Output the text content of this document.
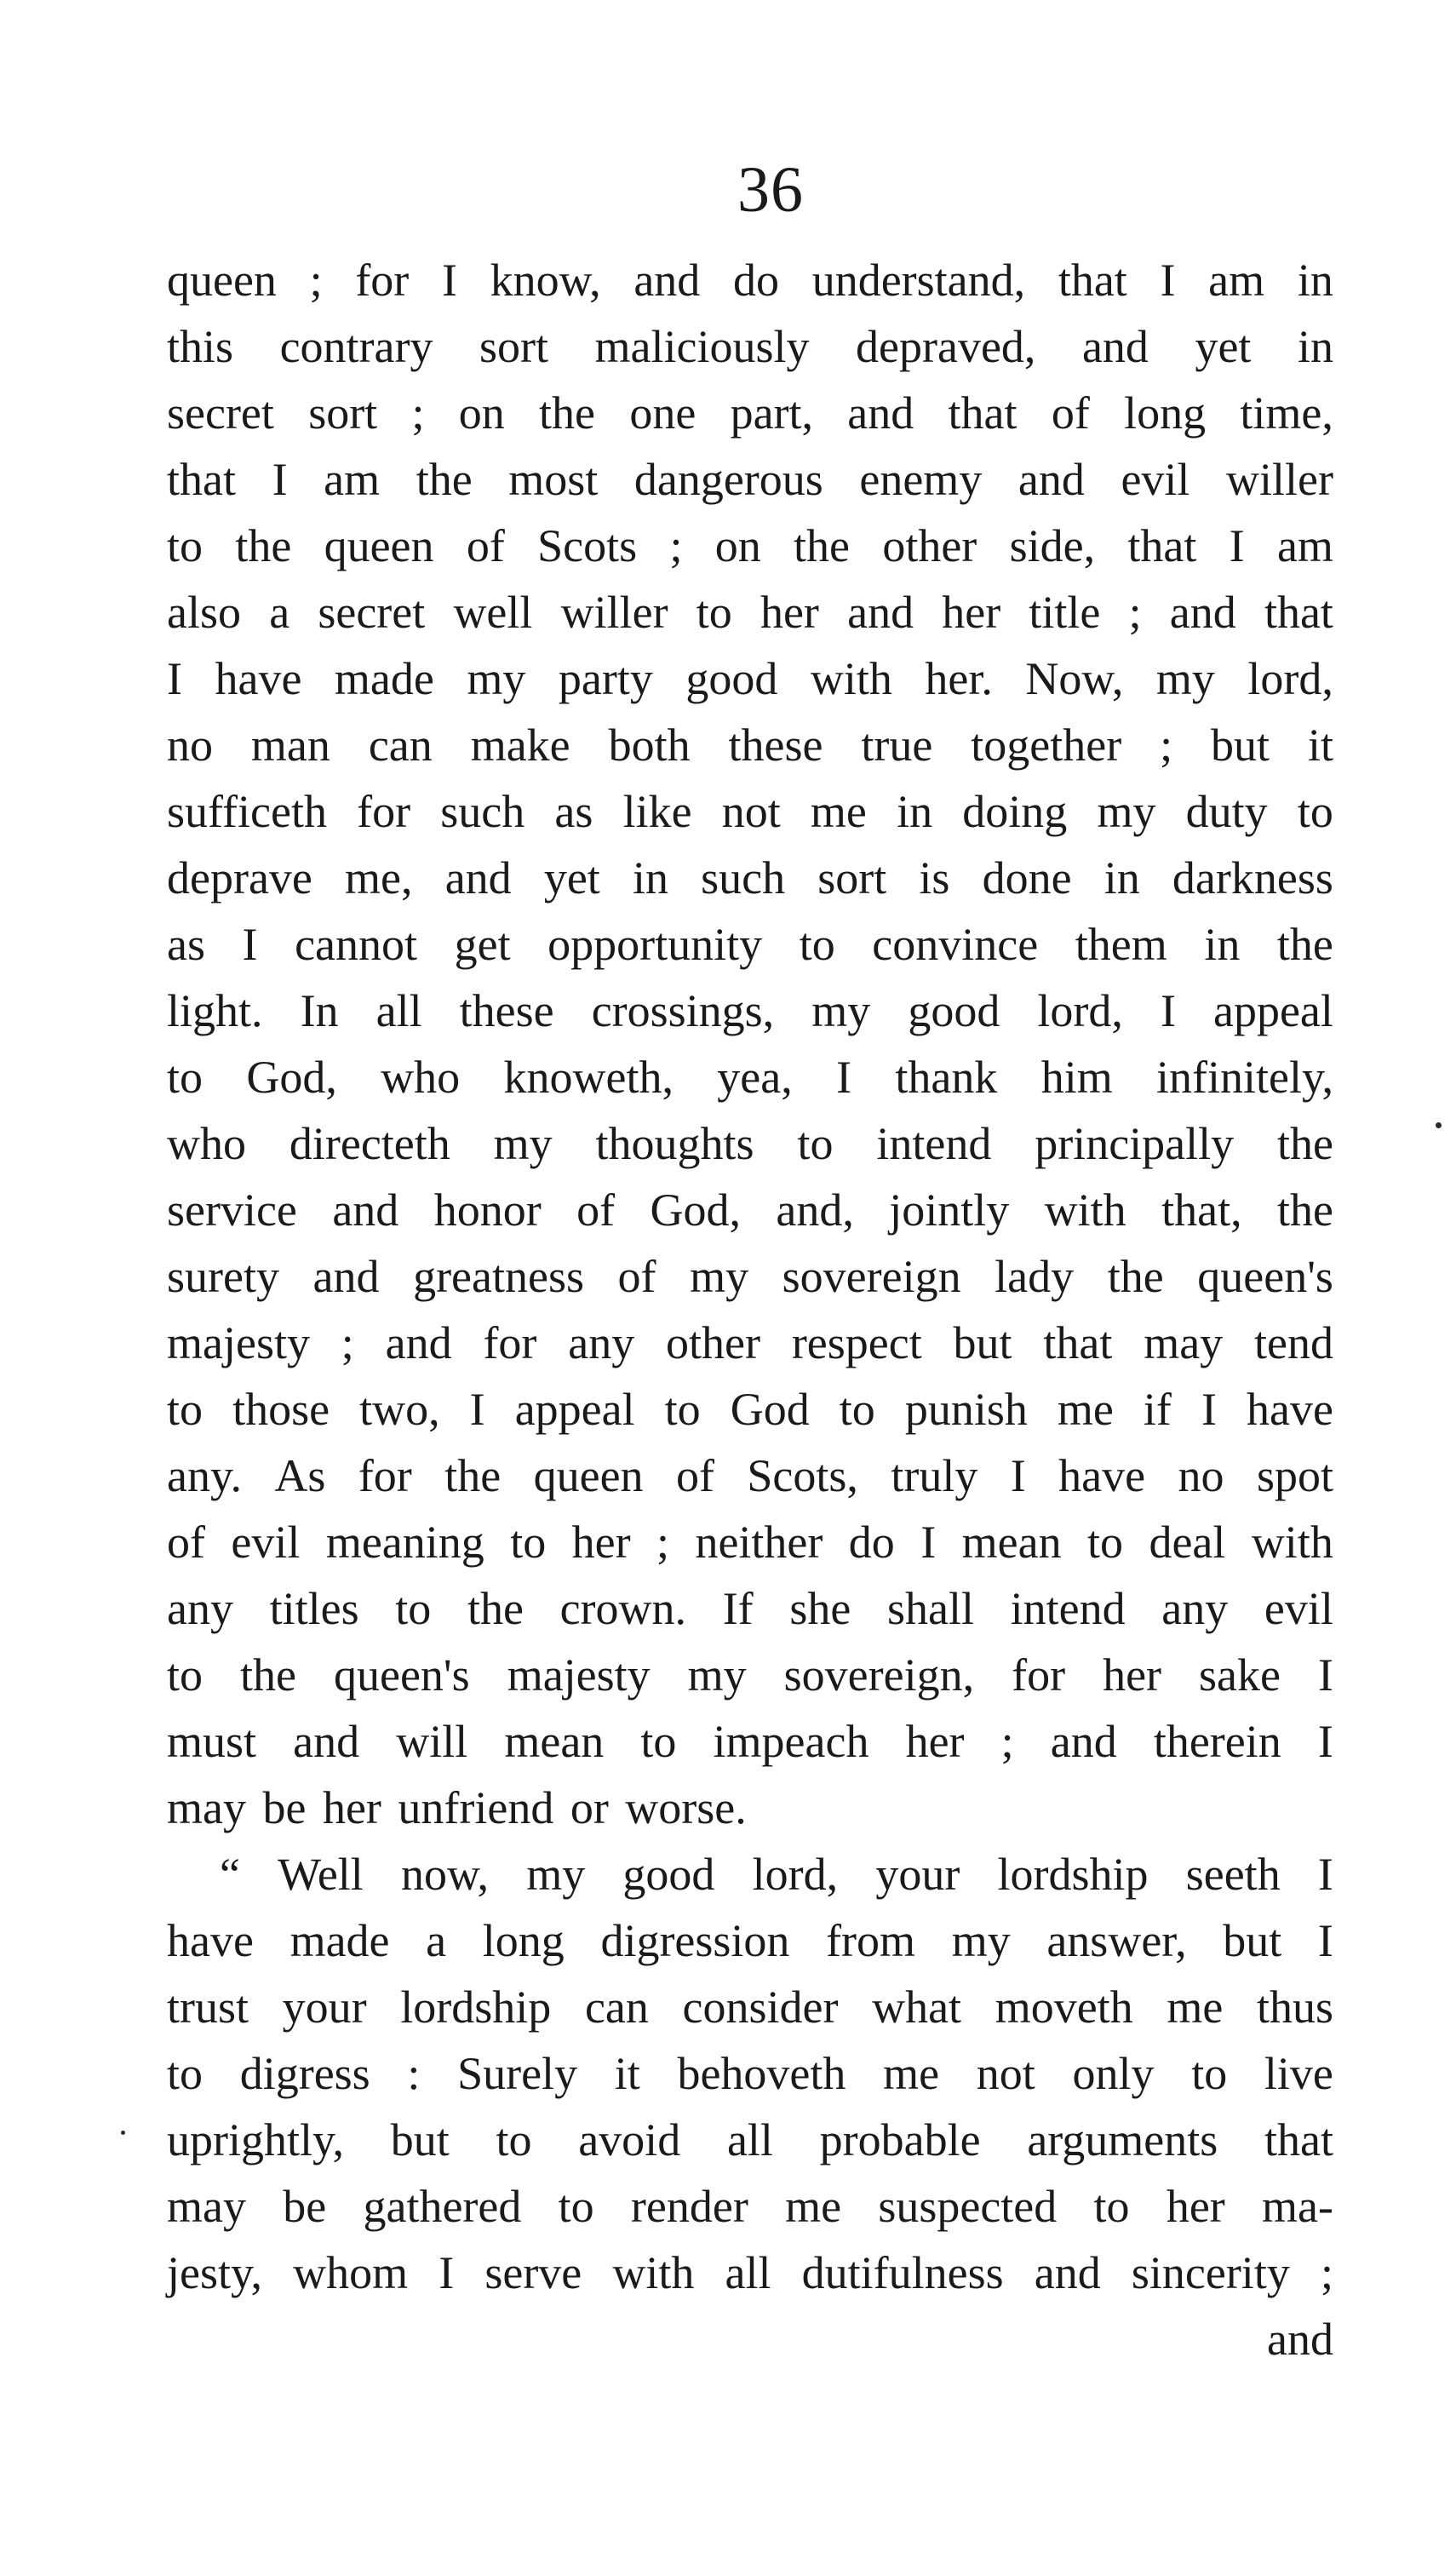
36
queen ; for I know, and do understand, that I am in
this contrary sort maliciously depraved, and yet in
secret sort ; on the one part, and that of long time,
that I am the most dangerous enemy and evil willer
to the queen of Scots ; on the other side, that I am
also a secret well willer to her and her title ; and that
I have made my party good with her. Now, my lord,
no man can make both these true together ; but it
sufficeth for such as like not me in doing my duty to
deprave me, and yet in such sort is done in darkness
as I cannot get opportunity to convince them in the
light. In all these crossings, my good lord, I appeal
to God, who knoweth, yea, I thank him infinitely,
who directeth my thoughts to intend principally the
service and honor of God, and, jointly with that, the
surety and greatness of my sovereign lady the queen's
majesty ; and for any other respect but that may tend
to those two, I appeal to God to punish me if I have
any. As for the queen of Scots, truly I have no spot
of evil meaning to her ; neither do I mean to deal with
any titles to the crown. If she shall intend any evil
to the queen's majesty my sovereign, for her sake I
must and will mean to impeach her ; and therein I
may be her unfriend or worse.
“ Well now, my good lord, your lordship seeth I
have made a long digression from my answer, but I
trust your lordship can consider what moveth me thus
to digress : Surely it behoveth me not only to live
uprightly, but to avoid all probable arguments that
may be gathered to render me suspected to her ma-
jesty, whom I serve with all dutifulness and sincerity ;
and
